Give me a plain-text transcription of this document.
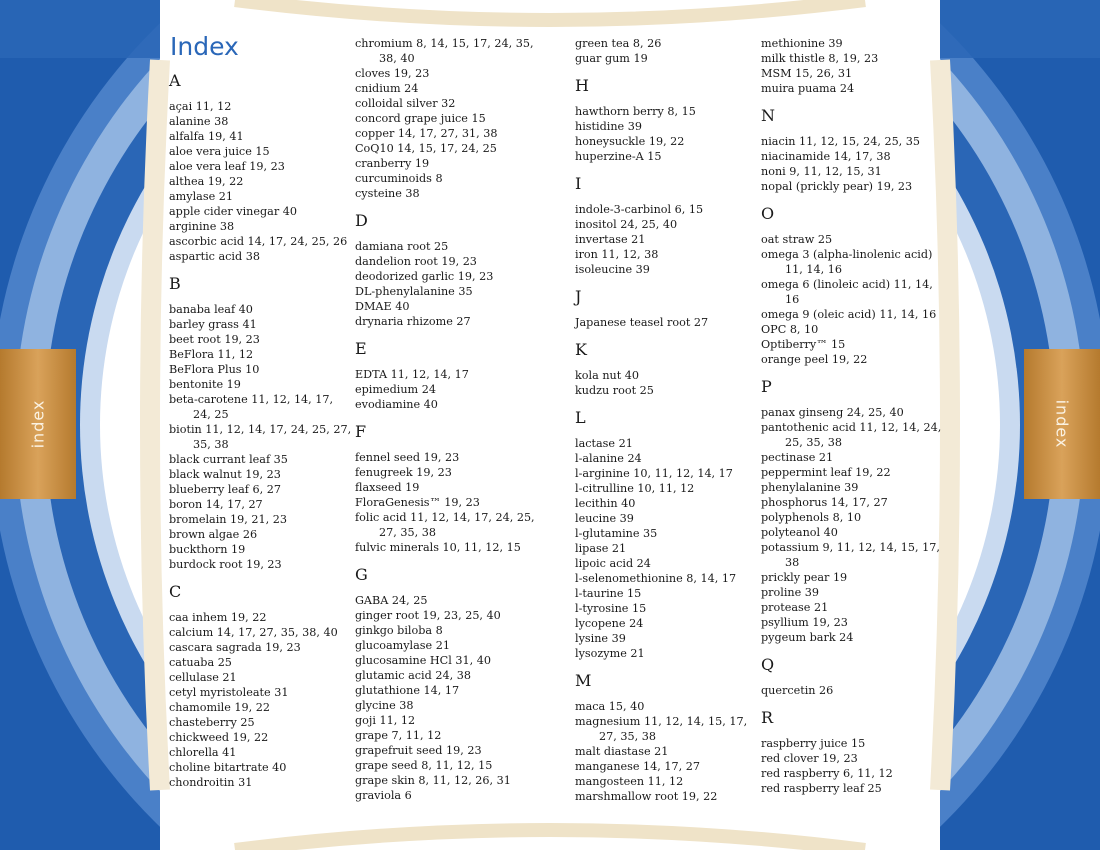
index	index
Index
A
açai 11, 12
alanine 38
alfalfa 19, 41
aloe vera juice 15
aloe vera leaf 19, 23
althea 19, 22
amylase 21
apple cider vinegar 40
arginine 38
ascorbic acid 14, 17, 24, 25, 26
aspartic acid 38
B
banaba leaf 40
barley grass 41
beet root 19, 23
BeFlora 11, 12
BeFlora Plus 10
bentonite 19
beta-carotene 11, 12, 14, 17, 24, 25
biotin 11, 12, 14, 17, 24, 25, 27, 35, 38
black currant leaf 35
black walnut 19, 23
blueberry leaf 6, 27
boron 14, 17, 27
bromelain 19, 21, 23
brown algae 26
buckthorn 19
burdock root 19, 23
C
caa inhem 19, 22
calcium 14, 17, 27, 35, 38, 40
cascara sagrada 19, 23
catuaba 25
cellulase 21
cetyl myristoleate 31
chamomile 19, 22
chasteberry 25
chickweed 19, 22
chlorella 41
choline bitartrate 40
chondroitin 31
chromium 8, 14, 15, 17, 24, 35, 38, 40
cloves 19, 23
cnidium 24
colloidal silver 32
concord grape juice 15
copper 14, 17, 27, 31, 38
CoQ10 14, 15, 17, 24, 25
cranberry 19
curcuminoids 8
cysteine 38
D
damiana root 25
dandelion root 19, 23
deodorized garlic 19, 23
DL-phenylalanine 35
DMAE 40
drynaria rhizome 27
E
EDTA 11, 12, 14, 17
epimedium 24
evodiamine 40
F
fennel seed 19, 23
fenugreek 19, 23
flaxseed 19
FloraGenesis™ 19, 23
folic acid 11, 12, 14, 17, 24, 25, 27, 35, 38
fulvic minerals 10, 11, 12, 15
G
GABA 24, 25
ginger root 19, 23, 25, 40
ginkgo biloba 8
glucoamylase 21
glucosamine HCl 31, 40
glutamic acid 24, 38
glutathione 14, 17
glycine 38
goji 11, 12
grape 7, 11, 12
grapefruit seed 19, 23
grape seed 8, 11, 12, 15
grape skin 8, 11, 12, 26, 31
graviola 6
green tea 8, 26
guar gum 19
H
hawthorn berry 8, 15
histidine 39
honeysuckle 19, 22
huperzine-A 15
I
indole-3-carbinol 6, 15
inositol 24, 25, 40
invertase 21
iron 11, 12, 38
isoleucine 39
J
Japanese teasel root 27
K
kola nut 40
kudzu root 25
L
lactase 21
l-alanine 24
l-arginine 10, 11, 12, 14, 17
l-citrulline 10, 11, 12
lecithin 40
leucine 39
l-glutamine 35
lipase 21
lipoic acid 24
l-selenomethionine 8, 14, 17
l-taurine 15
l-tyrosine 15
lycopene 24
lysine 39
lysozyme 21
M
maca 15, 40
magnesium 11, 12, 14, 15, 17, 27, 35, 38
malt diastase 21
manganese 14, 17, 27
mangosteen 11, 12
marshmallow root 19, 22
methionine 39
milk thistle 8, 19, 23
MSM 15, 26, 31
muira puama 24
N
niacin 11, 12, 15, 24, 25, 35
niacinamide 14, 17, 38
noni 9, 11, 12, 15, 31
nopal (prickly pear) 19, 23
O
oat straw 25
omega 3 (alpha-linolenic acid) 11, 14, 16
omega 6 (linoleic acid) 11, 14, 16
omega 9 (oleic acid) 11, 14, 16
OPC 8, 10
Optiberry™ 15
orange peel 19, 22
P
panax ginseng 24, 25, 40
pantothenic acid 11, 12, 14, 24, 25, 35, 38
pectinase 21
peppermint leaf 19, 22
phenylalanine 39
phosphorus 14, 17, 27
polyphenols 8, 10
polyteanol 40
potassium 9, 11, 12, 14, 15, 17, 38
prickly pear 19
proline 39
protease 21
psyllium 19, 23
pygeum bark 24
Q
quercetin 26
R
raspberry juice 15
red clover 19, 23
red raspberry 6, 11, 12
red raspberry leaf 25
